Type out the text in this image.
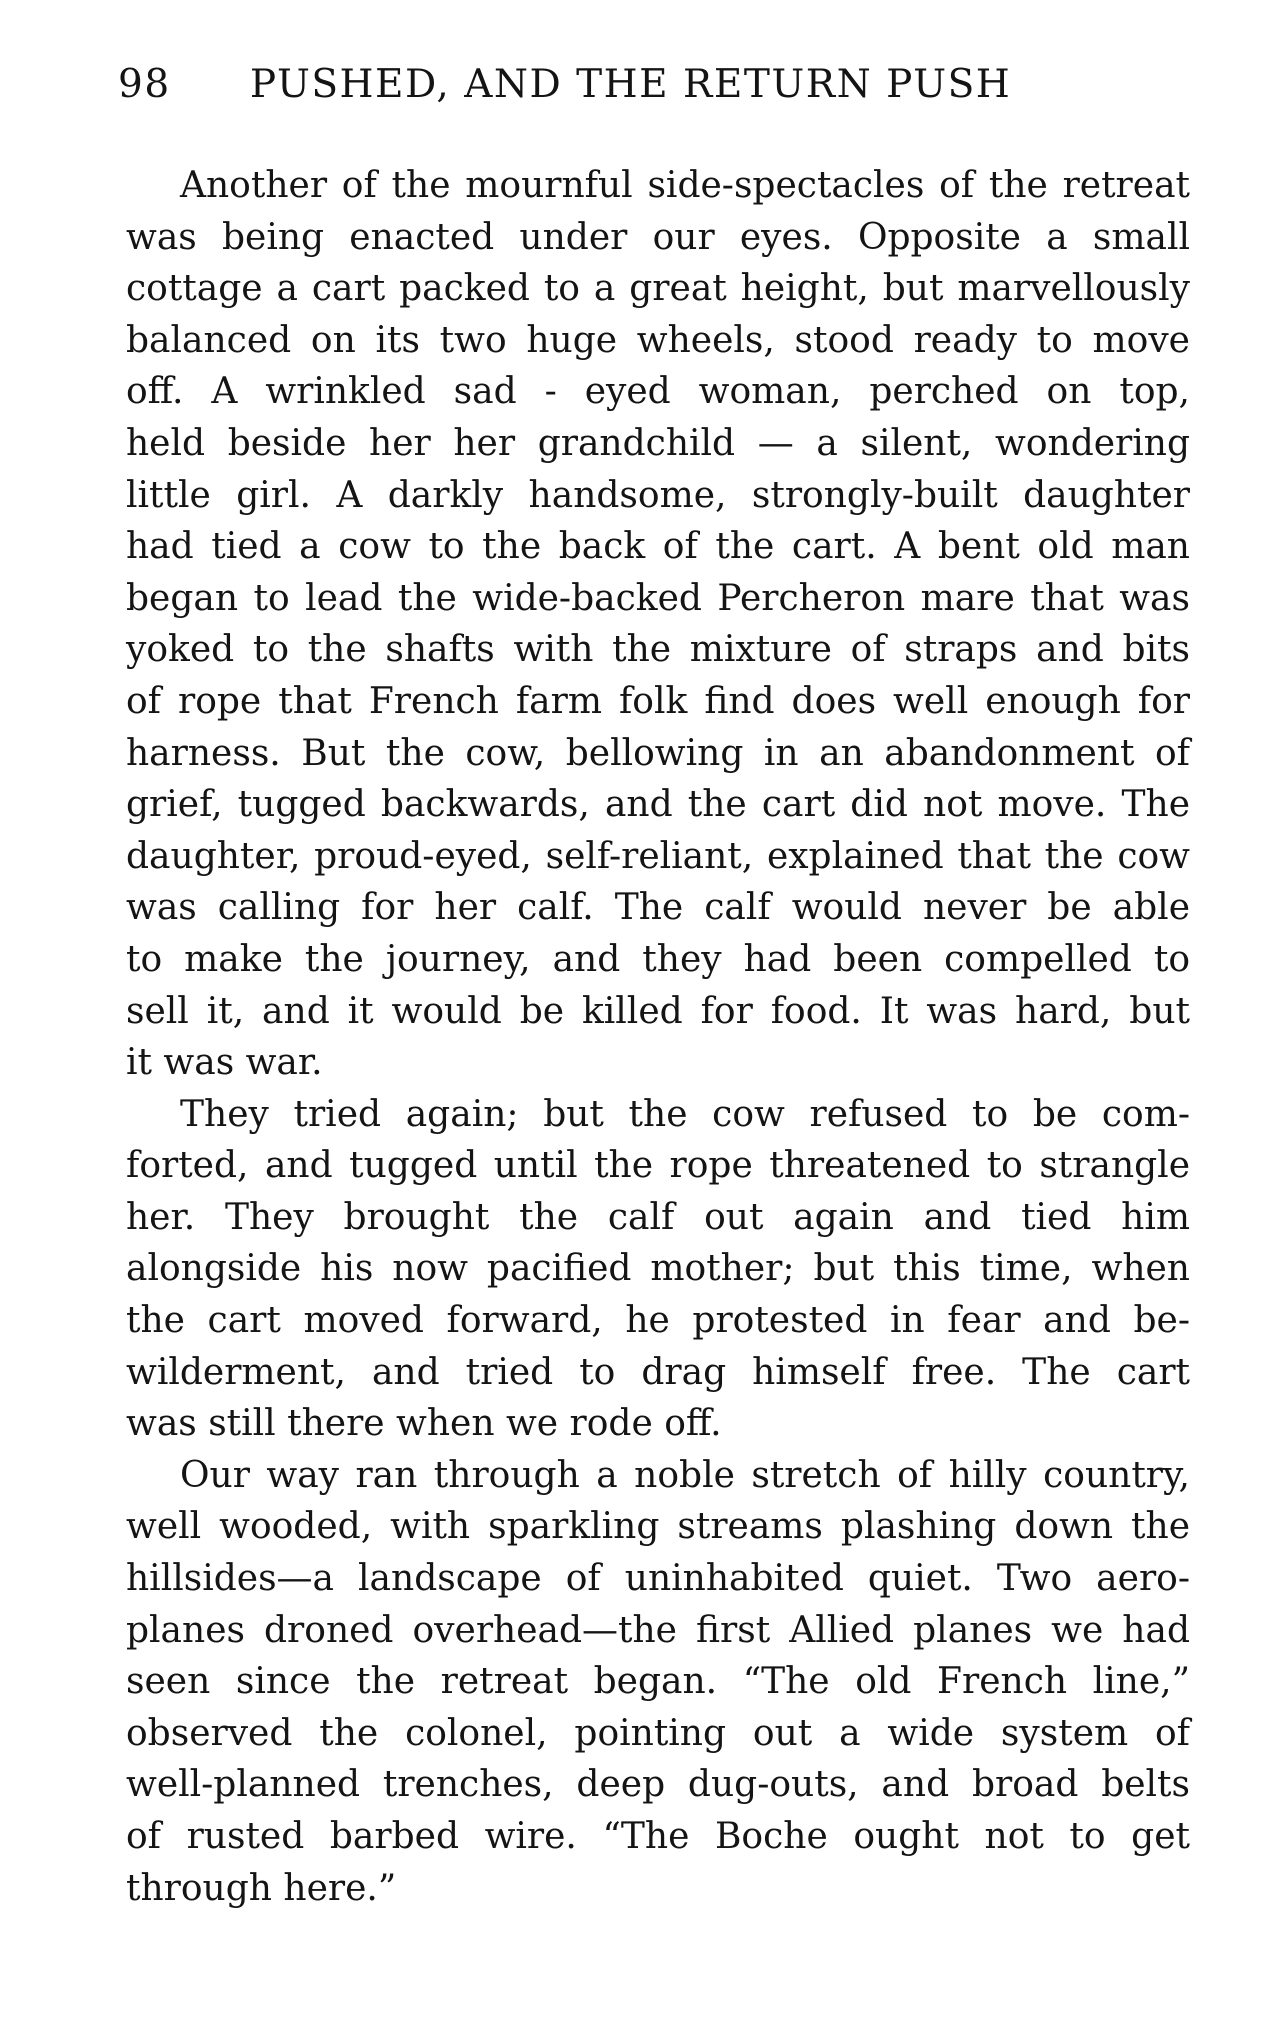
98 PUSHED, AND THE RETURN PUSH

Another of the mournful side-spectacles of the retreat
was being enacted under our eyes. Opposite a small
cottage a cart packed to a great height, but marvellously
balanced on its two huge wheels, stood ready to move
off. A wrinkled sad - eyed woman, perched on top,
held beside her her grandchild — a silent, wondering
little girl. A darkly handsome, strongly-built daughter
had tied a cow to the back of the cart. A bent old man
began to lead the wide-backed Percheron mare that was
yoked to the shafts with the mixture of straps and bits
of rope that French farm folk find does well enough for
harness. But the cow, bellowing in an abandonment of
grief, tugged backwards, and the cart did not move. The
daughter, proud-eyed, self-reliant, explained that the cow
was calling for her calf. The calf would never be able
to make the journey, and they had been compelled to
sell it, and it would be killed for food. It was hard, but
it was war.

They tried again; but the cow refused to be com-
forted, and tugged until the rope threatened to strangle
her. They brought the calf out again and tied him
alongside his now pacified mother; but this time, when
the cart moved forward, he protested in fear and be-
wilderment, and tried to drag himself free. The cart
was still there when we rode off.

Our way ran through a noble stretch of hilly country,
well wooded, with sparkling streams plashing down the
hillsides—a landscape of uninhabited quiet. Two aero-
planes droned overhead—the first Allied planes we had
seen since the retreat began. “The old French line,”
observed the colonel, pointing out a wide system of
well-planned trenches, deep dug-outs, and broad belts
of rusted barbed wire. “The Boche ought not to get
through here.”
